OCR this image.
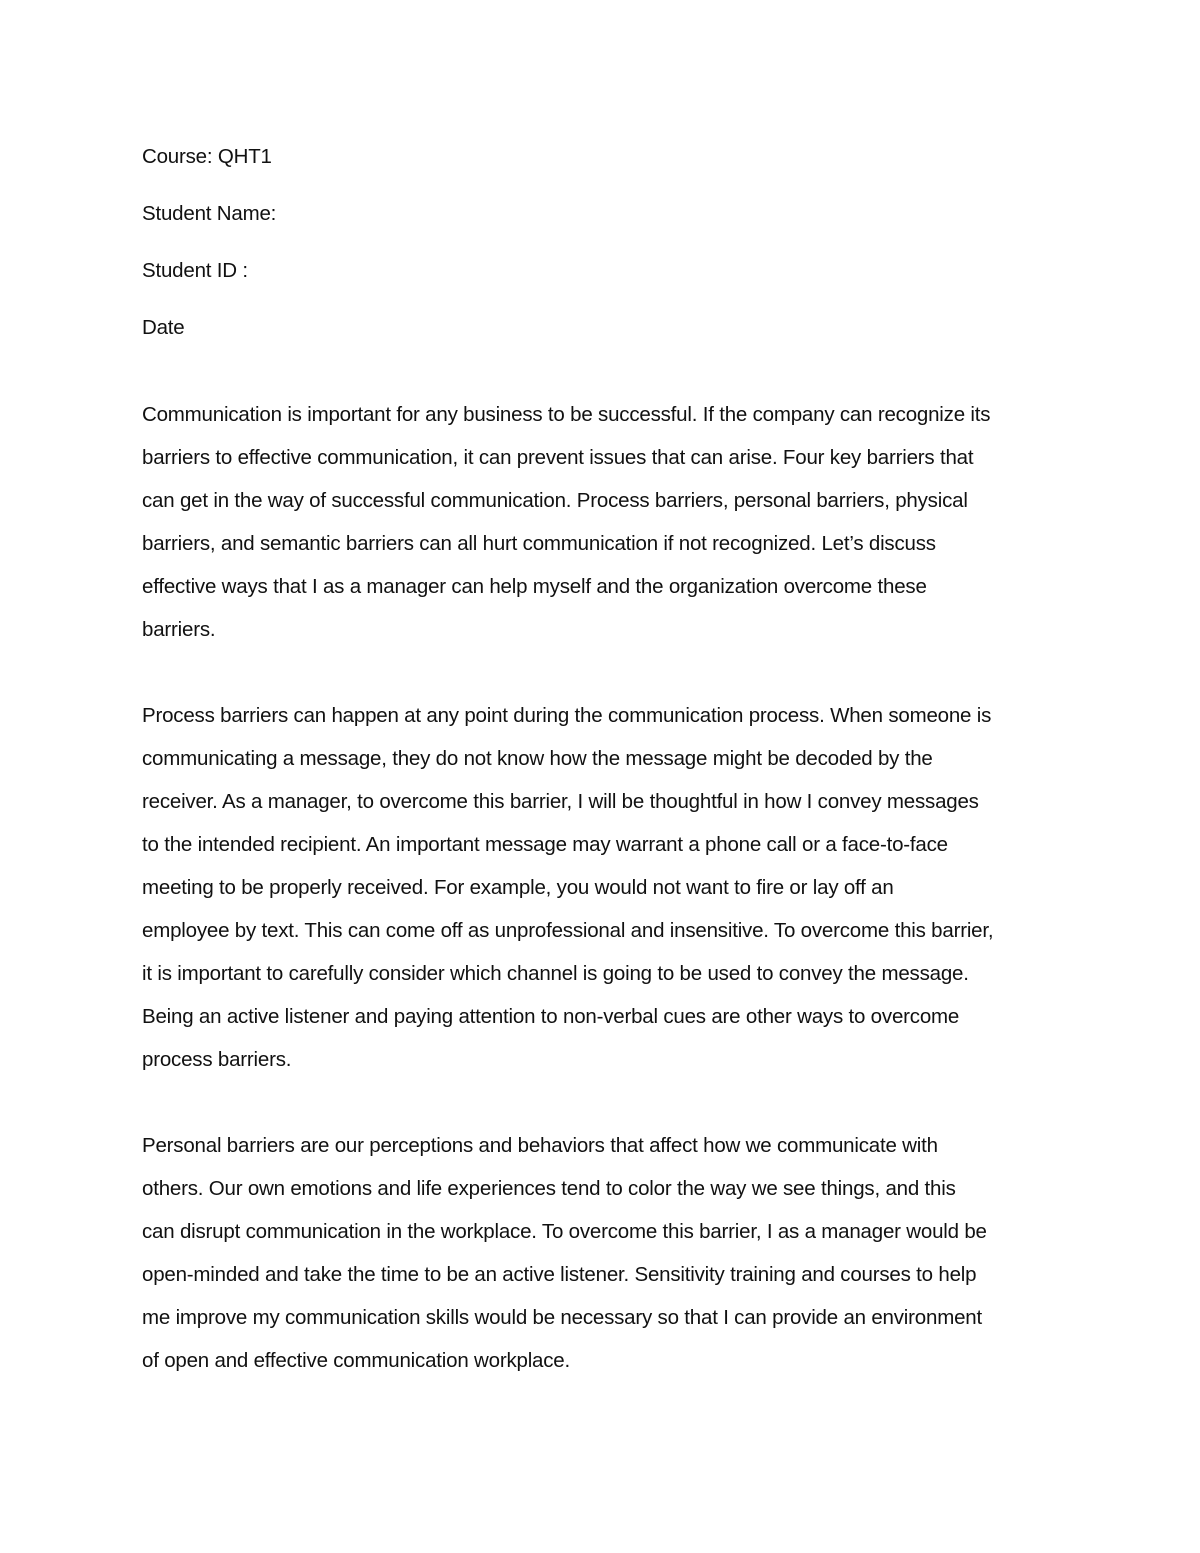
Course: QHT1

Student Name:

Student ID :

Date

Communication is important for any business to be successful. If the company can recognize its
barriers to effective communication, it can prevent issues that can arise. Four key barriers that
can get in the way of successful communication. Process barriers, personal barriers, physical
barriers, and semantic barriers can all hurt communication if not recognized. Let’s discuss
effective ways that I as a manager can help myself and the organization overcome these
barriers.

Process barriers can happen at any point during the communication process. When someone is
communicating a message, they do not know how the message might be decoded by the
receiver. As a manager, to overcome this barrier, I will be thoughtful in how I convey messages
to the intended recipient. An important message may warrant a phone call or a face-to-face
meeting to be properly received. For example, you would not want to fire or lay off an
employee by text. This can come off as unprofessional and insensitive. To overcome this barrier,
it is important to carefully consider which channel is going to be used to convey the message.
Being an active listener and paying attention to non-verbal cues are other ways to overcome
process barriers.

Personal barriers are our perceptions and behaviors that affect how we communicate with
others. Our own emotions and life experiences tend to color the way we see things, and this
can disrupt communication in the workplace. To overcome this barrier, I as a manager would be
open-minded and take the time to be an active listener. Sensitivity training and courses to help
me improve my communication skills would be necessary so that I can provide an environment
of open and effective communication workplace.
